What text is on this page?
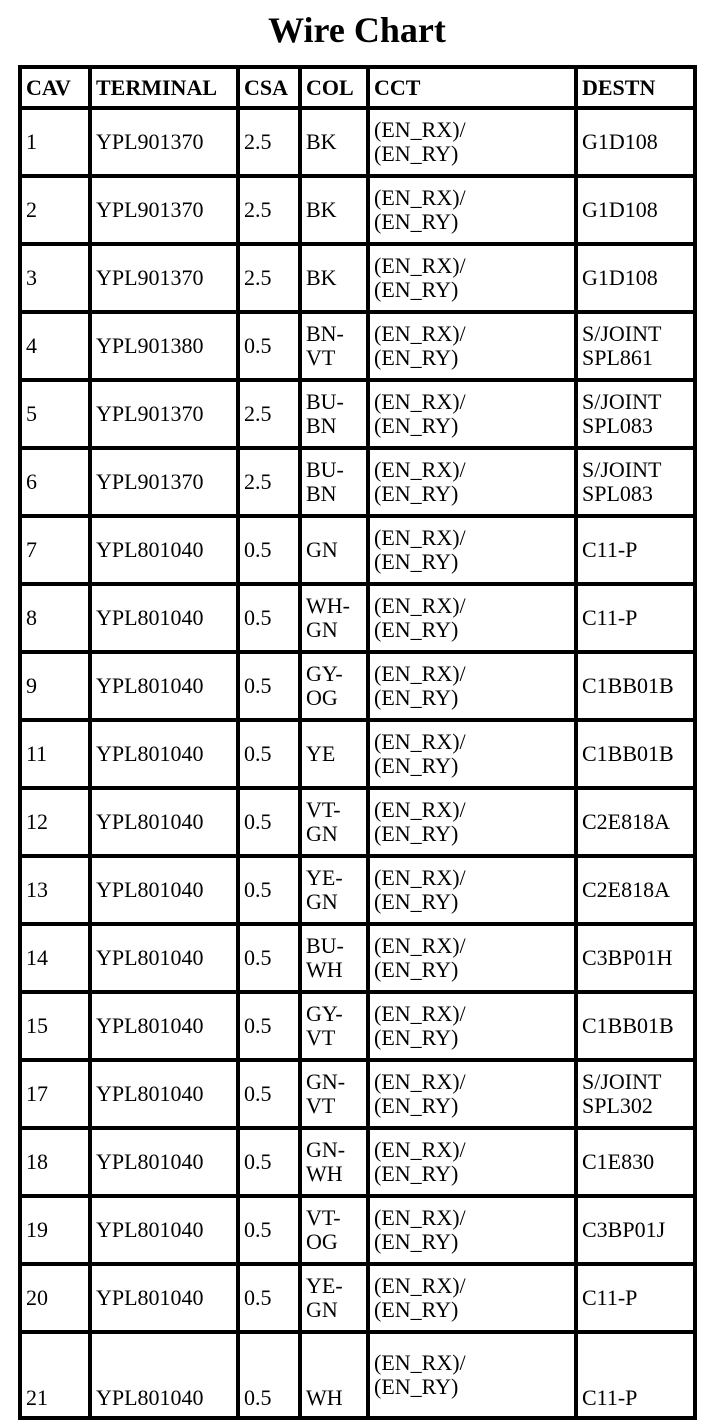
Wire Chart
CAV	TERMINAL	CSA	COL	CCT	DESTN
1	YPL901370	2.5	BK	(EN_RX)/
(EN_RY)	G1D108
2	YPL901370	2.5	BK	(EN_RX)/
(EN_RY)	G1D108
3	YPL901370	2.5	BK	(EN_RX)/
(EN_RY)	G1D108
4	YPL901380	0.5	BN-
VT	(EN_RX)/
(EN_RY)	S/JOINT
SPL861

5	YPL901370	2.5	BU-
BN	(EN_RX)/
(EN_RY)	S/JOINT
SPL083

6	YPL901370	2.5	BU-
BN	(EN_RX)/
(EN_RY)	S/JOINT
SPL083

7	YPL801040	0.5	GN	(EN_RX)/
(EN_RY)	C11-P
8	YPL801040	0.5	WH-
GN	(EN_RX)/
(EN_RY)	C11-P
9	YPL801040	0.5	GY-
OG	(EN_RX)/
(EN_RY)	C1BB01B
11	YPL801040	0.5	YE	(EN_RX)/
(EN_RY)	C1BB01B
12	YPL801040	0.5	VT-
GN	(EN_RX)/
(EN_RY)	C2E818A
13	YPL801040	0.5	YE-
GN	(EN_RX)/
(EN_RY)	C2E818A
14	YPL801040	0.5	BU-
WH	(EN_RX)/
(EN_RY)	C3BP01H
15	YPL801040	0.5	GY-
VT	(EN_RX)/
(EN_RY)	C1BB01B
17	YPL801040	0.5	GN-
VT	(EN_RX)/
(EN_RY)	S/JOINT
SPL302

18	YPL801040	0.5	GN-
WH	(EN_RX)/
(EN_RY)	C1E830
19	YPL801040	0.5	VT-
OG	(EN_RX)/
(EN_RY)	C3BP01J
20	YPL801040	0.5	YE-
GN	(EN_RX)/
(EN_RY)	C11-P
21	YPL801040	0.5	WH	(EN_RX)/
(EN_RY)	C11-P
